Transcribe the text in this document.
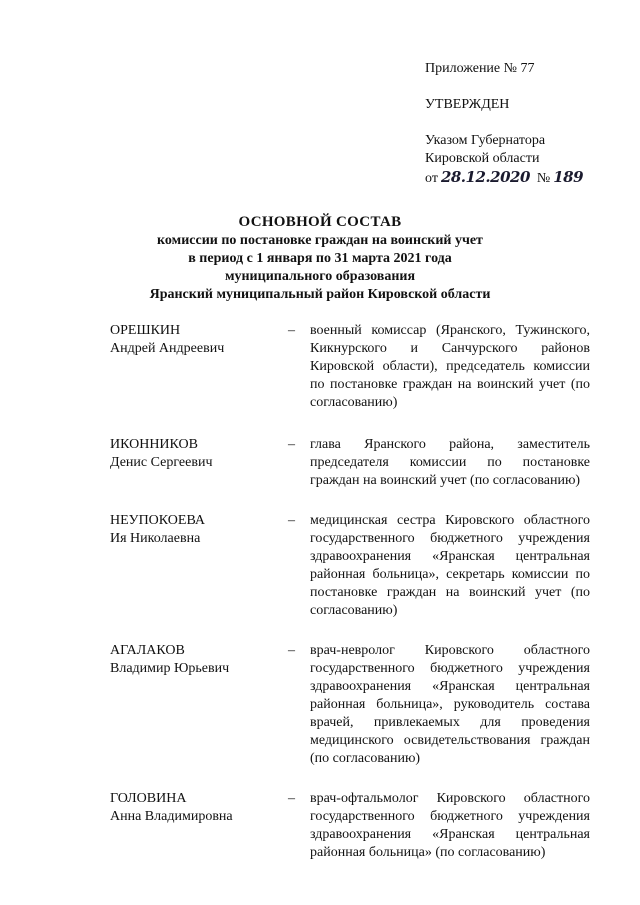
Приложение № 77
УТВЕРЖДЕН
Указом Губернатора
Кировской области
от 28.12.2020 № 189
ОСНОВНОЙ СОСТАВ
комиссии по постановке граждан на воинский учет
в период с 1 января по 31 марта 2021 года
муниципального образования
Яранский муниципальный район Кировской области
ОРЕШКИН
Андрей Андреевич
–	военный комиссар (Яранского, Тужинского, Кикнурского и Санчурского районов Кировской области), председатель комиссии по постановке граждан на воинский учет (по согласованию)
ИКОННИКОВ
Денис Сергеевич
–	глава Яранского района, заместитель председателя комиссии по постановке граждан на воинский учет (по согласованию)
НЕУПОКОЕВА
Ия Николаевна
–	медицинская сестра Кировского областного государственного бюджетного учреждения здравоохранения «Яранская центральная районная больница», секретарь комиссии по постановке граждан на воинский учет (по согласованию)
АГАЛАКОВ
Владимир Юрьевич
–	врач-невролог Кировского областного государственного бюджетного учреждения здравоохранения «Яранская центральная районная больница», руководитель состава врачей, привлекаемых для проведения медицинского освидетельствования граждан (по согласованию)
ГОЛОВИНА
Анна Владимировна
–	врач-офтальмолог Кировского областного государственного бюджетного учреждения здравоохранения «Яранская центральная районная больница» (по согласованию)
